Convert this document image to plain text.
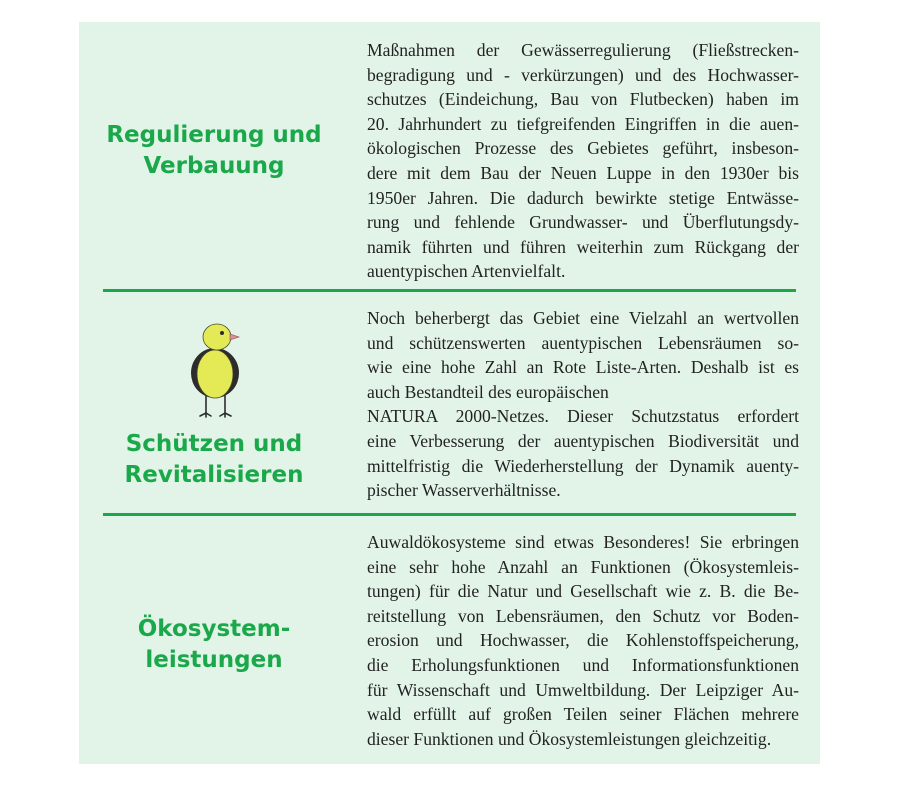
Regulierung und
Verbauung

Maßnahmen der Gewässerregulierung (Fließstrecken-
begradigung und - verkürzungen) und des Hochwasser-
schutzes (Eindeichung, Bau von Flutbecken) haben im
20. Jahrhundert zu tiefgreifenden Eingriffen in die auen-
ökologischen Prozesse des Gebietes geführt, insbeson-
dere mit dem Bau der Neuen Luppe in den 1930er bis
1950er Jahren. Die dadurch bewirkte stetige Entwässe-
rung und fehlende Grundwasser- und Überflutungsdy-
namik führten und führen weiterhin zum Rückgang der
auentypischen Artenvielfalt.

Schützen und
Revitalisieren

Noch beherbergt das Gebiet eine Vielzahl an wertvollen
und schützenswerten auentypischen Lebensräumen so-
wie eine hohe Zahl an Rote Liste-Arten. Deshalb ist es
auch Bestandteil des europäischen
NATURA 2000-Netzes. Dieser Schutzstatus erfordert
eine Verbesserung der auentypischen Biodiversität und
mittelfristig die Wiederherstellung der Dynamik auenty-
pischer Wasserverhältnisse.

Ökosystem-
leistungen

Auwaldökosysteme sind etwas Besonderes! Sie erbringen
eine sehr hohe Anzahl an Funktionen (Ökosystemleis-
tungen) für die Natur und Gesellschaft wie z. B. die Be-
reitstellung von Lebensräumen, den Schutz vor Boden-
erosion und Hochwasser, die Kohlenstoffspeicherung,
die Erholungsfunktionen und Informationsfunktionen
für Wissenschaft und Umweltbildung. Der Leipziger Au-
wald erfüllt auf großen Teilen seiner Flächen mehrere
dieser Funktionen und Ökosystemleistungen gleichzeitig.
